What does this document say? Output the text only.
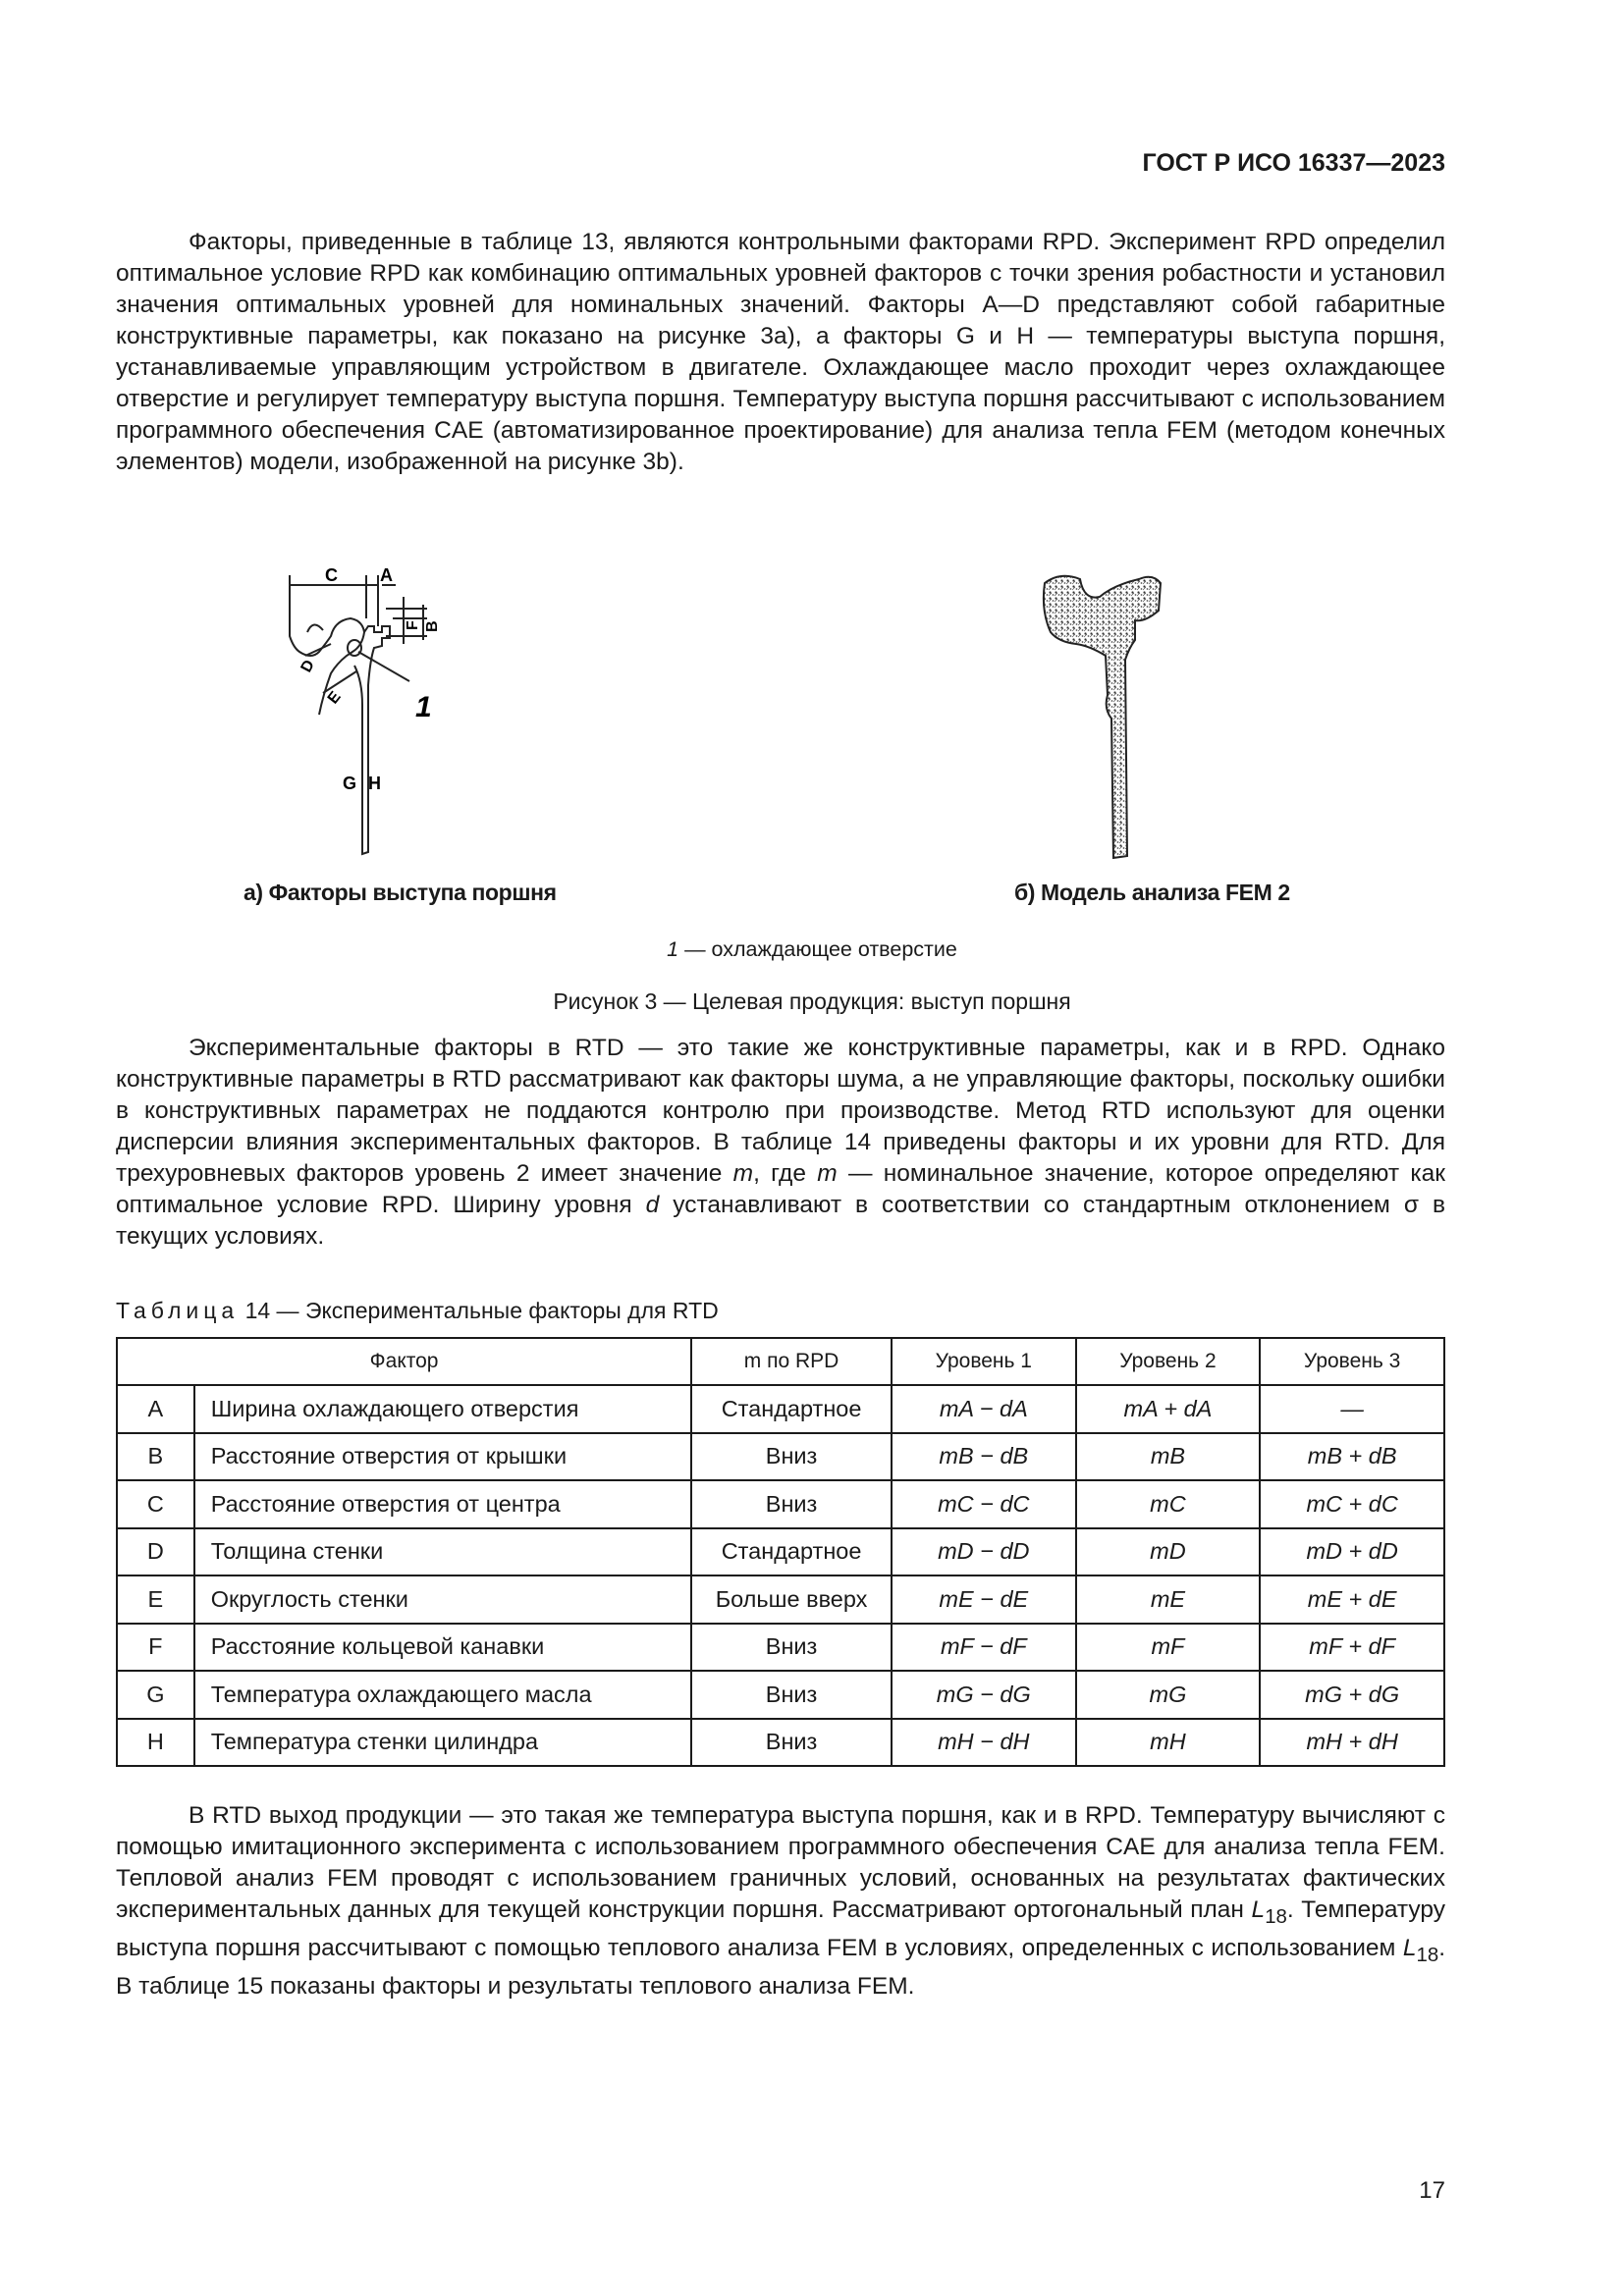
ГОСТ Р ИСО 16337—2023

Факторы, приведенные в таблице 13, являются контрольными факторами RPD. Эксперимент RPD определил оптимальное условие RPD как комбинацию оптимальных уровней факторов с точки зрения робастности и установил значения оптимальных уровней для номинальных значений. Факторы A—D представляют собой габаритные конструктивные параметры, как показано на рисунке 3a), а факторы G и H — температуры выступа поршня, устанавливаемые управляющим устройством в двигателе. Охлаждающее масло проходит через охлаждающее отверстие и регулирует температуру выступа поршня. Температуру выступа поршня рассчитывают с использованием программного обеспечения CAE (автоматизированное проектирование) для анализа тепла FEM (методом конечных элементов) модели, изображенной на рисунке 3b).

C A
F B
D
E 1
G H
а) Факторы выступа поршня	б) Модель анализа FEM 2
1 — охлаждающее отверстие
Рисунок 3 — Целевая продукция: выступ поршня

Экспериментальные факторы в RTD — это такие же конструктивные параметры, как и в RPD. Однако конструктивные параметры в RTD рассматривают как факторы шума, а не управляющие факторы, поскольку ошибки в конструктивных параметрах не поддаются контролю при производстве. Метод RTD используют для оценки дисперсии влияния экспериментальных факторов. В таблице 14 приведены факторы и их уровни для RTD. Для трехуровневых факторов уровень 2 имеет значение m, где m — номинальное значение, которое определяют как оптимальное условие RPD. Ширину уровня d устанавливают в соответствии со стандартным отклонением σ в текущих условиях.

Таблица 14 — Экспериментальные факторы для RTD
Фактор		m по RPD	Уровень 1	Уровень 2	Уровень 3
A	Ширина охлаждающего отверстия	Стандартное	mA − dA	mA + dA	—
B	Расстояние отверстия от крышки	Вниз	mB − dB	mB	mB + dB
C	Расстояние отверстия от центра	Вниз	mC − dC	mC	mC + dC
D	Толщина стенки	Стандартное	mD − dD	mD	mD + dD
E	Округлость стенки	Больше вверх	mE − dE	mE	mE + dE
F	Расстояние кольцевой канавки	Вниз	mF − dF	mF	mF + dF
G	Температура охлаждающего масла	Вниз	mG − dG	mG	mG + dG
H	Температура стенки цилиндра	Вниз	mH − dH	mH	mH + dH

В RTD выход продукции — это такая же температура выступа поршня, как и в RPD. Температуру вычисляют с помощью имитационного эксперимента с использованием программного обеспечения CAE для анализа тепла FEM. Тепловой анализ FEM проводят с использованием граничных условий, основанных на результатах фактических экспериментальных данных для текущей конструкции поршня. Рассматривают ортогональный план $L_{18}$. Температуру выступа поршня рассчитывают с помощью теплового анализа FEM в условиях, определенных с использованием $L_{18}$. В таблице 15 показаны факторы и результаты теплового анализа FEM.

17
